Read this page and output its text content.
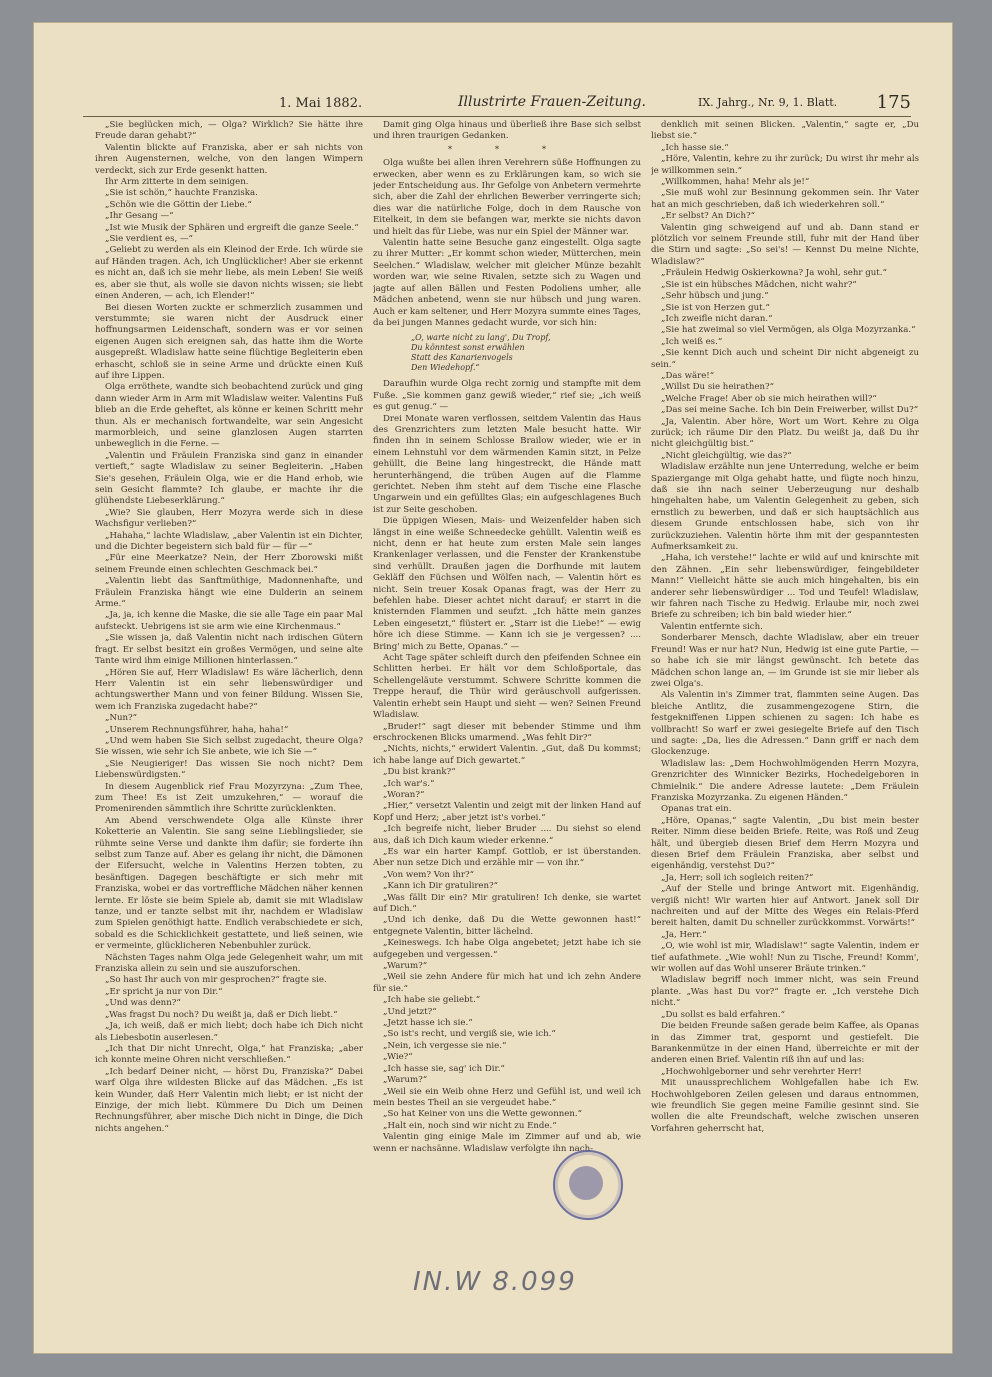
1. Mai 1882.	Illustrirte Frauen-Zeitung.	IX. Jahrg., Nr. 9, 1. Blatt. 175

„Sie beglücken mich, — Olga? Wirklich? Sie hätte ihre Freude daran gehabt?“

Valentin blickte auf Franziska, aber er sah nichts von ihren Augensternen, welche, von den langen Wimpern verdeckt, sich zur Erde gesenkt hatten.

Ihr Arm zitterte in dem seinigen.

„Sie ist schön,“ hauchte Franziska.

„Schön wie die Göttin der Liebe.“

„Ihr Gesang —“

„Ist wie Musik der Sphären und ergreift die ganze Seele.“

„Sie verdient es, —“

„Geliebt zu werden als ein Kleinod der Erde. Ich würde sie auf Händen tragen. Ach, ich Unglücklicher! Aber sie erkennt es nicht an, daß ich sie mehr liebe, als mein Leben! Sie weiß es, aber sie thut, als wolle sie davon nichts wissen; sie liebt einen Anderen, — ach, ich Elender!“

Bei diesen Worten zuckte er schmerzlich zusammen und verstummte; sie waren nicht der Ausdruck einer hoffnungsarmen Leidenschaft, sondern was er vor seinen eigenen Augen sich ereignen sah, das hatte ihm die Worte ausgepreßt. Wladislaw hatte seine flüchtige Begleiterin eben erhascht, schloß sie in seine Arme und drückte einen Kuß auf ihre Lippen.

Olga erröthete, wandte sich beobachtend zurück und ging dann wieder Arm in Arm mit Wladislaw weiter. Valentins Fuß blieb an die Erde geheftet, als könne er keinen Schritt mehr thun. Als er mechanisch fortwandelte, war sein Angesicht marmorbleich, und seine glanzlosen Augen starrten unbeweglich in die Ferne. —

„Valentin und Fräulein Franziska sind ganz in einander vertieft,“ sagte Wladislaw zu seiner Begleiterin. „Haben Sie's gesehen, Fräulein Olga, wie er die Hand erhob, wie sein Gesicht flammte? Ich glaube, er machte ihr die glühendste Liebeserklärung.“

„Wie? Sie glauben, Herr Mozyra werde sich in diese Wachsfigur verlieben?“

„Hahaha,“ lachte Wladislaw, „aber Valentin ist ein Dichter, und die Dichter begeistern sich bald für — für —“

„Für eine Meerkatze? Nein, der Herr Zborowski mißt seinem Freunde einen schlechten Geschmack bei.“

„Valentin liebt das Sanftmüthige, Madonnenhafte, und Fräulein Franziska hängt wie eine Dulderin an seinem Arme.“

„Ja, ja, ich kenne die Maske, die sie alle Tage ein paar Mal aufsteckt. Uebrigens ist sie arm wie eine Kirchenmaus.“

„Sie wissen ja, daß Valentin nicht nach irdischen Gütern fragt. Er selbst besitzt ein großes Vermögen, und seine alte Tante wird ihm einige Millionen hinterlassen.“

„Hören Sie auf, Herr Wladislaw! Es wäre lächerlich, denn Herr Valentin ist ein sehr liebenswürdiger und achtungswerther Mann und von feiner Bildung. Wissen Sie, wem ich Franziska zugedacht habe?“

„Nun?“

„Unserem Rechnungsführer, haha, haha!“

„Und wem haben Sie Sich selbst zugedacht, theure Olga? Sie wissen, wie sehr ich Sie anbete, wie ich Sie —“

„Sie Neugieriger! Das wissen Sie noch nicht? Dem Liebenswürdigsten.“

In diesem Augenblick rief Frau Mozyrzyna: „Zum Thee, zum Thee! Es ist Zeit umzukehren,“ — worauf die Promenirenden sämmtlich ihre Schritte zurücklenkten.

Am Abend verschwendete Olga alle Künste ihrer Koketterie an Valentin. Sie sang seine Lieblingslieder, sie rühmte seine Verse und dankte ihm dafür; sie forderte ihn selbst zum Tanze auf. Aber es gelang ihr nicht, die Dämonen der Eifersucht, welche in Valentins Herzen tobten, zu besänftigen. Dagegen beschäftigte er sich mehr mit Franziska, wobei er das vortreffliche Mädchen näher kennen lernte. Er löste sie beim Spiele ab, damit sie mit Wladislaw tanze, und er tanzte selbst mit ihr, nachdem er Wladislaw zum Spielen genöthigt hatte. Endlich verabschiedete er sich, sobald es die Schicklichkeit gestattete, und ließ seinen, wie er vermeinte, glücklicheren Nebenbuhler zurück.

Nächsten Tages nahm Olga jede Gelegenheit wahr, um mit Franziska allein zu sein und sie auszuforschen.

„So hast Ihr auch von mir gesprochen?“ fragte sie.

„Er spricht ja nur von Dir.“

„Und was denn?“

„Was fragst Du noch? Du weißt ja, daß er Dich liebt.“

„Ja, ich weiß, daß er mich liebt; doch habe ich Dich nicht als Liebesbotin auserlesen.“

„Ich that Dir nicht Unrecht, Olga,“ hat Franziska; „aber ich konnte meine Ohren nicht verschließen.“

„Ich bedarf Deiner nicht, — hörst Du, Franziska?“ Dabei warf Olga ihre wildesten Blicke auf das Mädchen. „Es ist kein Wunder, daß Herr Valentin mich liebt; er ist nicht der Einzige, der mich liebt. Kümmere Du Dich um Deinen Rechnungsführer, aber mische Dich nicht in Dinge, die Dich nichts angehen.“

Damit ging Olga hinaus und überließ ihre Base sich selbst und ihren traurigen Gedanken.

* * *

Olga wußte bei allen ihren Verehrern süße Hoffnungen zu erwecken, aber wenn es zu Erklärungen kam, so wich sie jeder Entscheidung aus. Ihr Gefolge von Anbetern vermehrte sich, aber die Zahl der ehrlichen Bewerber verringerte sich; dies war die natürliche Folge, doch in dem Rausche von Eitelkeit, in dem sie befangen war, merkte sie nichts davon und hielt das für Liebe, was nur ein Spiel der Männer war.

Valentin hatte seine Besuche ganz eingestellt. Olga sagte zu ihrer Mutter: „Er kommt schon wieder, Mütterchen, mein Seelchen.“ Wladislaw, welcher mit gleicher Münze bezahlt worden war, wie seine Rivalen, setzte sich zu Wagen und jagte auf allen Bällen und Festen Podoliens umher, alle Mädchen anbetend, wenn sie nur hübsch und jung waren. Auch er kam seltener, und Herr Mozyra summte eines Tages, da bei jungen Mannes gedacht wurde, vor sich hin:

„O, warte nicht zu lang', Du Tropf,
Du könntest sonst erwählen
Statt des Kanarienvogels
Den Wiedehopf.“

Daraufhin wurde Olga recht zornig und stampfte mit dem Fuße. „Sie kommen ganz gewiß wieder,“ rief sie; „ich weiß es gut genug.“ —

Drei Monate waren verflossen, seitdem Valentin das Haus des Grenzrichters zum letzten Male besucht hatte. Wir finden ihn in seinem Schlosse Brailow wieder, wie er in einem Lehnstuhl vor dem wärmenden Kamin sitzt, in Pelze gehüllt, die Beine lang hingestreckt, die Hände matt herunterhängend, die trüben Augen auf die Flamme gerichtet. Neben ihm steht auf dem Tische eine Flasche Ungarwein und ein gefülltes Glas; ein aufgeschlagenes Buch ist zur Seite geschoben.

Die üppigen Wiesen, Mais- und Weizenfelder haben sich längst in eine weiße Schneedecke gehüllt. Valentin weiß es nicht, denn er hat heute zum ersten Male sein langes Krankenlager verlassen, und die Fenster der Krankenstube sind verhüllt. Draußen jagen die Dorfhunde mit lautem Gekläff den Füchsen und Wölfen nach, — Valentin hört es nicht. Sein treuer Kosak Opanas fragt, was der Herr zu befehlen habe. Dieser achtet nicht darauf; er starrt in die knisternden Flammen und seufzt. „Ich hätte mein ganzes Leben eingesetzt,“ flüstert er. „Starr ist die Liebe!“ — ewig höre ich diese Stimme. — Kann ich sie je vergessen? .... Bring' mich zu Bette, Opanas.“ —

Acht Tage später schleift durch den pfeifenden Schnee ein Schlitten herbei. Er hält vor dem Schloßportale, das Schellengeläute verstummt. Schwere Schritte kommen die Treppe herauf, die Thür wird geräuschvoll aufgerissen. Valentin erhebt sein Haupt und sieht — wen? Seinen Freund Wladislaw.

„Bruder!“ sagt dieser mit bebender Stimme und ihm erschrockenen Blicks umarmend. „Was fehlt Dir?“

„Nichts, nichts,“ erwidert Valentin. „Gut, daß Du kommst; ich habe lange auf Dich gewartet.“

„Du bist krank?“

„Ich war's.“

„Woran?“

„Hier,“ versetzt Valentin und zeigt mit der linken Hand auf Kopf und Herz; „aber jetzt ist's vorbei.“

„Ich begreife nicht, lieber Bruder .... Du siehst so elend aus, daß ich Dich kaum wieder erkenne.“

„Es war ein harter Kampf. Gottlob, er ist überstanden. Aber nun setze Dich und erzähle mir — von ihr.“

„Von wem? Von ihr?“

„Kann ich Dir gratuliren?“

„Was fällt Dir ein? Mir gratuliren! Ich denke, sie wartet auf Dich.“

„Und ich denke, daß Du die Wette gewonnen hast!“ entgegnete Valentin, bitter lächelnd.

„Keineswegs. Ich habe Olga angebetet; jetzt habe ich sie aufgegeben und vergessen.“

„Warum?“

„Weil sie zehn Andere für mich hat und ich zehn Andere für sie.“

„Ich habe sie geliebt.“

„Und jetzt?“

„Jetzt hasse ich sie.“

„So ist's recht, und vergiß sie, wie ich.“

„Nein, ich vergesse sie nie.“

„Wie?“

„Ich hasse sie, sag' ich Dir.“

„Warum?“

„Weil sie ein Weib ohne Herz und Gefühl ist, und weil ich mein bestes Theil an sie vergeudet habe.“

„So hat Keiner von uns die Wette gewonnen.“

„Halt ein, noch sind wir nicht zu Ende.“

Valentin ging einige Male im Zimmer auf und ab, wie wenn er nachsänne. Wladislaw verfolgte ihn nach-

denklich mit seinen Blicken. „Valentin,“ sagte er, „Du liebst sie.“

„Ich hasse sie.“

„Höre, Valentin, kehre zu ihr zurück; Du wirst ihr mehr als je willkommen sein.“

„Willkommen, haha! Mehr als je!“

„Sie muß wohl zur Besinnung gekommen sein. Ihr Vater hat an mich geschrieben, daß ich wiederkehren soll.“

„Er selbst? An Dich?“

Valentin ging schweigend auf und ab. Dann stand er plötzlich vor seinem Freunde still, fuhr mit der Hand über die Stirn und sagte: „So sei's! — Kennst Du meine Nichte, Wladislaw?“

„Fräulein Hedwig Oskierkowna? Ja wohl, sehr gut.“

„Sie ist ein hübsches Mädchen, nicht wahr?“

„Sehr hübsch und jung.“

„Sie ist von Herzen gut.“

„Ich zweifle nicht daran.“

„Sie hat zweimal so viel Vermögen, als Olga Mozyrzanka.“

„Ich weiß es.“

„Sie kennt Dich auch und scheint Dir nicht abgeneigt zu sein.“

„Das wäre!“

„Willst Du sie heirathen?“

„Welche Frage! Aber ob sie mich heirathen will?“

„Das sei meine Sache. Ich bin Dein Freiwerber, willst Du?“

„Ja, Valentin. Aber höre, Wort um Wort. Kehre zu Olga zurück; ich räume Dir den Platz. Du weißt ja, daß Du ihr nicht gleichgültig bist.“

„Nicht gleichgültig, wie das?“

Wladislaw erzählte nun jene Unterredung, welche er beim Spaziergange mit Olga gehabt hatte, und fügte noch hinzu, daß sie ihn nach seiner Ueberzeugung nur deshalb hingehalten habe, um Valentin Gelegenheit zu geben, sich ernstlich zu bewerben, und daß er sich hauptsächlich aus diesem Grunde entschlossen habe, sich von ihr zurückzuziehen. Valentin hörte ihm mit der gespanntesten Aufmerksamkeit zu.

„Haha, ich verstehe!“ lachte er wild auf und knirschte mit den Zähnen. „Ein sehr liebenswürdiger, feingebildeter Mann!“ Vielleicht hätte sie auch mich hingehalten, bis ein anderer sehr liebenswürdiger ... Tod und Teufel! Wladislaw, wir fahren nach Tische zu Hedwig. Erlaube mir, noch zwei Briefe zu schreiben; ich bin bald wieder hier.“

Valentin entfernte sich.

Sonderbarer Mensch, dachte Wladislaw, aber ein treuer Freund! Was er nur hat? Nun, Hedwig ist eine gute Partie, — so habe ich sie mir längst gewünscht. Ich betete das Mädchen schon lange an, — im Grunde ist sie mir lieber als zwei Olga's.

Als Valentin in's Zimmer trat, flammten seine Augen. Das bleiche Antlitz, die zusammengezogene Stirn, die festgekniffenen Lippen schienen zu sagen: Ich habe es vollbracht! So warf er zwei gesiegelte Briefe auf den Tisch und sagte: „Da, lies die Adressen.“ Dann griff er nach dem Glockenzuge.

Wladislaw las: „Dem Hochwohlmögenden Herrn Mozyra, Grenzrichter des Winnicker Bezirks, Hochedelgeboren in Chmielnik.“ Die andere Adresse lautete: „Dem Fräulein Franziska Mozyrzanka. Zu eigenen Händen.“

Opanas trat ein.

„Höre, Opanas,“ sagte Valentin, „Du bist mein bester Reiter. Nimm diese beiden Briefe. Reite, was Roß und Zeug hält, und übergieb diesen Brief dem Herrn Mozyra und diesen Brief dem Fräulein Franziska, aber selbst und eigenhändig, verstehst Du?“

„Ja, Herr; soll ich sogleich reiten?“

„Auf der Stelle und bringe Antwort mit. Eigenhändig, vergiß nicht! Wir warten hier auf Antwort. Janek soll Dir nachreiten und auf der Mitte des Weges ein Relais-Pferd bereit halten, damit Du schneller zurückkommst. Vorwärts!“

„Ja, Herr.“

„O, wie wohl ist mir, Wladislaw!“ sagte Valentin, indem er tief aufathmete. „Wie wohl! Nun zu Tische, Freund! Komm', wir wollen auf das Wohl unserer Bräute trinken.“

Wladislaw begriff noch immer nicht, was sein Freund plante. „Was hast Du vor?“ fragte er. „Ich verstehe Dich nicht.“

„Du sollst es bald erfahren.“

Die beiden Freunde saßen gerade beim Kaffee, als Opanas in das Zimmer trat, gespornt und gestiefelt. Die Barankenmütze in der einen Hand, überreichte er mit der anderen einen Brief. Valentin riß ihn auf und las:

„Hochwohlgeborner und sehr verehrter Herr!

Mit unaussprechlichem Wohlgefallen habe ich Ew. Hochwohlgeboren Zeilen gelesen und daraus entnommen, wie freundlich Sie gegen meine Familie gesinnt sind. Sie wollen die alte Freundschaft, welche zwischen unseren Vorfahren geherrscht hat,

IN.W 8.099
